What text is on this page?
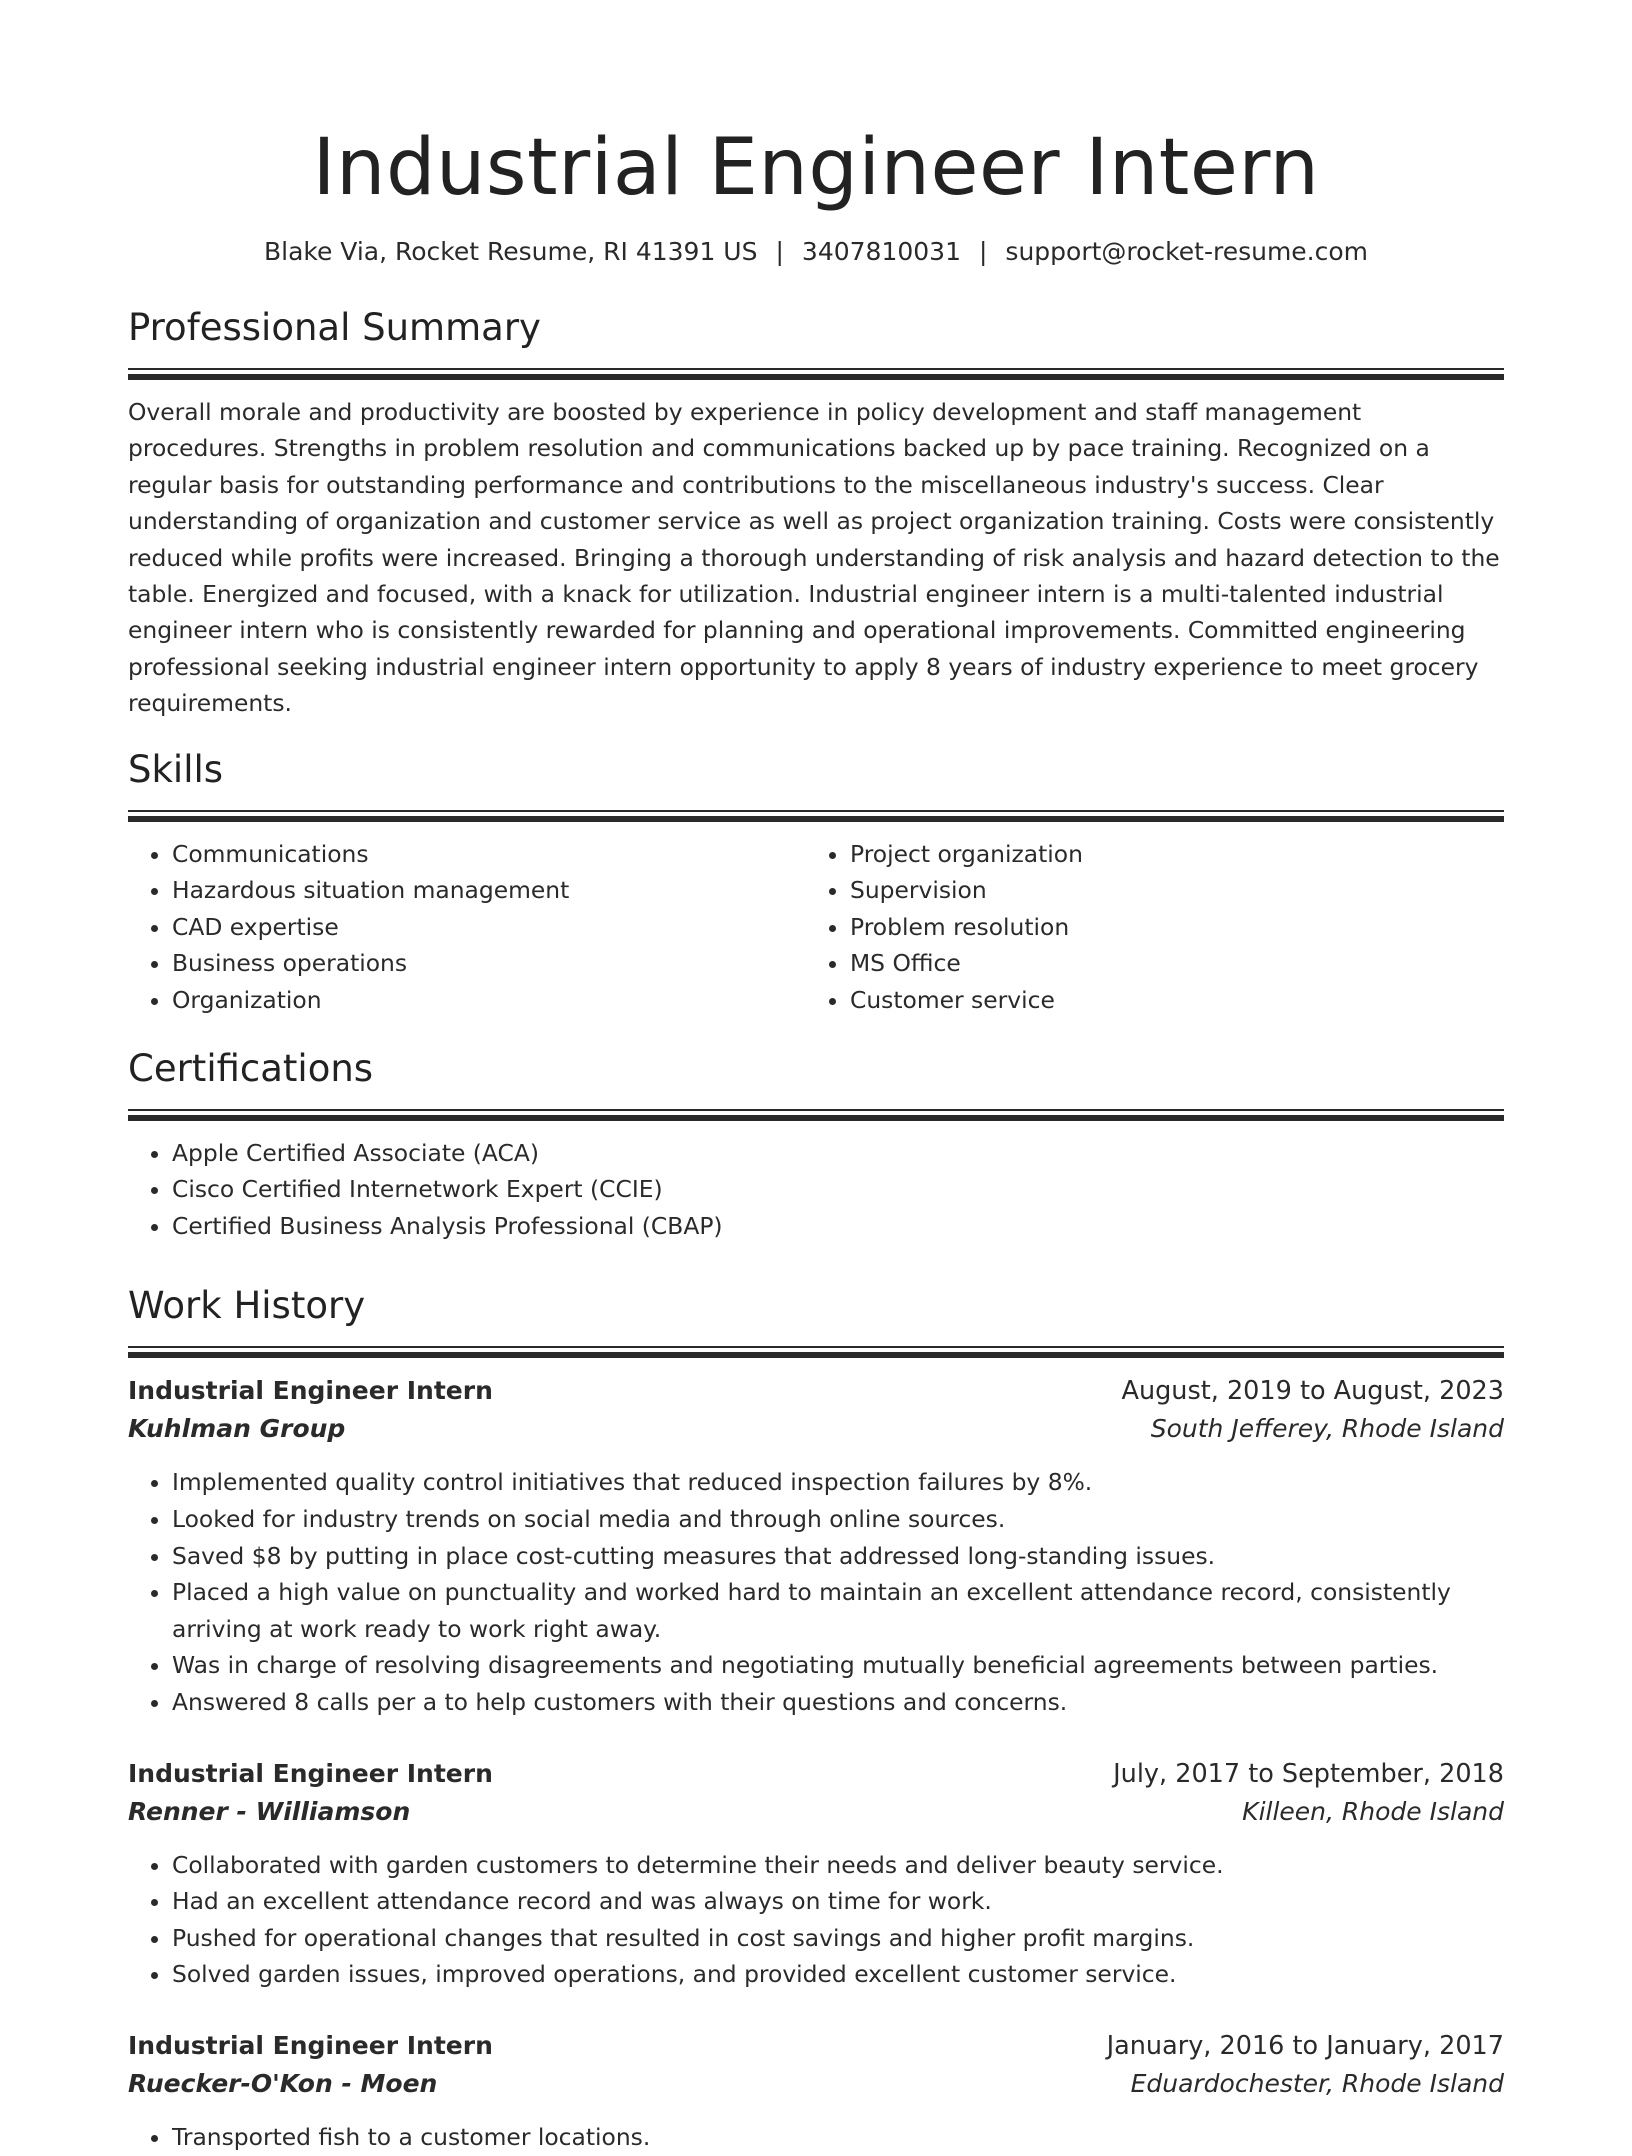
Industrial Engineer Intern
Blake Via, Rocket Resume, RI 41391 US | 3407810031 | support@rocket-resume.com
Professional Summary

Overall morale and productivity are boosted by experience in policy development and staff management procedures. Strengths in problem resolution and communications backed up by pace training. Recognized on a regular basis for outstanding performance and contributions to the miscellaneous industry's success. Clear understanding of organization and customer service as well as project organization training. Costs were consistently reduced while profits were increased. Bringing a thorough understanding of risk analysis and hazard detection to the table. Energized and focused, with a knack for utilization. Industrial engineer intern is a multi-talented industrial engineer intern who is consistently rewarded for planning and operational improvements. Committed engineering professional seeking industrial engineer intern opportunity to apply 8 years of industry experience to meet grocery requirements.

Skills
• Communications
• Hazardous situation management
• CAD expertise
• Business operations
• Organization
• Project organization
• Supervision
• Problem resolution
• MS Office
• Customer service
Certifications
• Apple Certified Associate (ACA)
• Cisco Certified Internetwork Expert (CCIE)
• Certified Business Analysis Professional (CBAP)
Work History
Industrial Engineer Intern	August, 2019 to August, 2023
Kuhlman Group	South Jefferey, Rhode Island
• Implemented quality control initiatives that reduced inspection failures by 8%.
• Looked for industry trends on social media and through online sources.
• Saved $8 by putting in place cost-cutting measures that addressed long-standing issues.
• Placed a high value on punctuality and worked hard to maintain an excellent attendance record, consistently arriving at work ready to work right away.
• Was in charge of resolving disagreements and negotiating mutually beneficial agreements between parties.
• Answered 8 calls per a to help customers with their questions and concerns.
Industrial Engineer Intern	July, 2017 to September, 2018
Renner - Williamson	Killeen, Rhode Island
• Collaborated with garden customers to determine their needs and deliver beauty service.
• Had an excellent attendance record and was always on time for work.
• Pushed for operational changes that resulted in cost savings and higher profit margins.
• Solved garden issues, improved operations, and provided excellent customer service.
Industrial Engineer Intern	January, 2016 to January, 2017
Ruecker-O'Kon - Moen	Eduardochester, Rhode Island
• Transported fish to a customer locations.
